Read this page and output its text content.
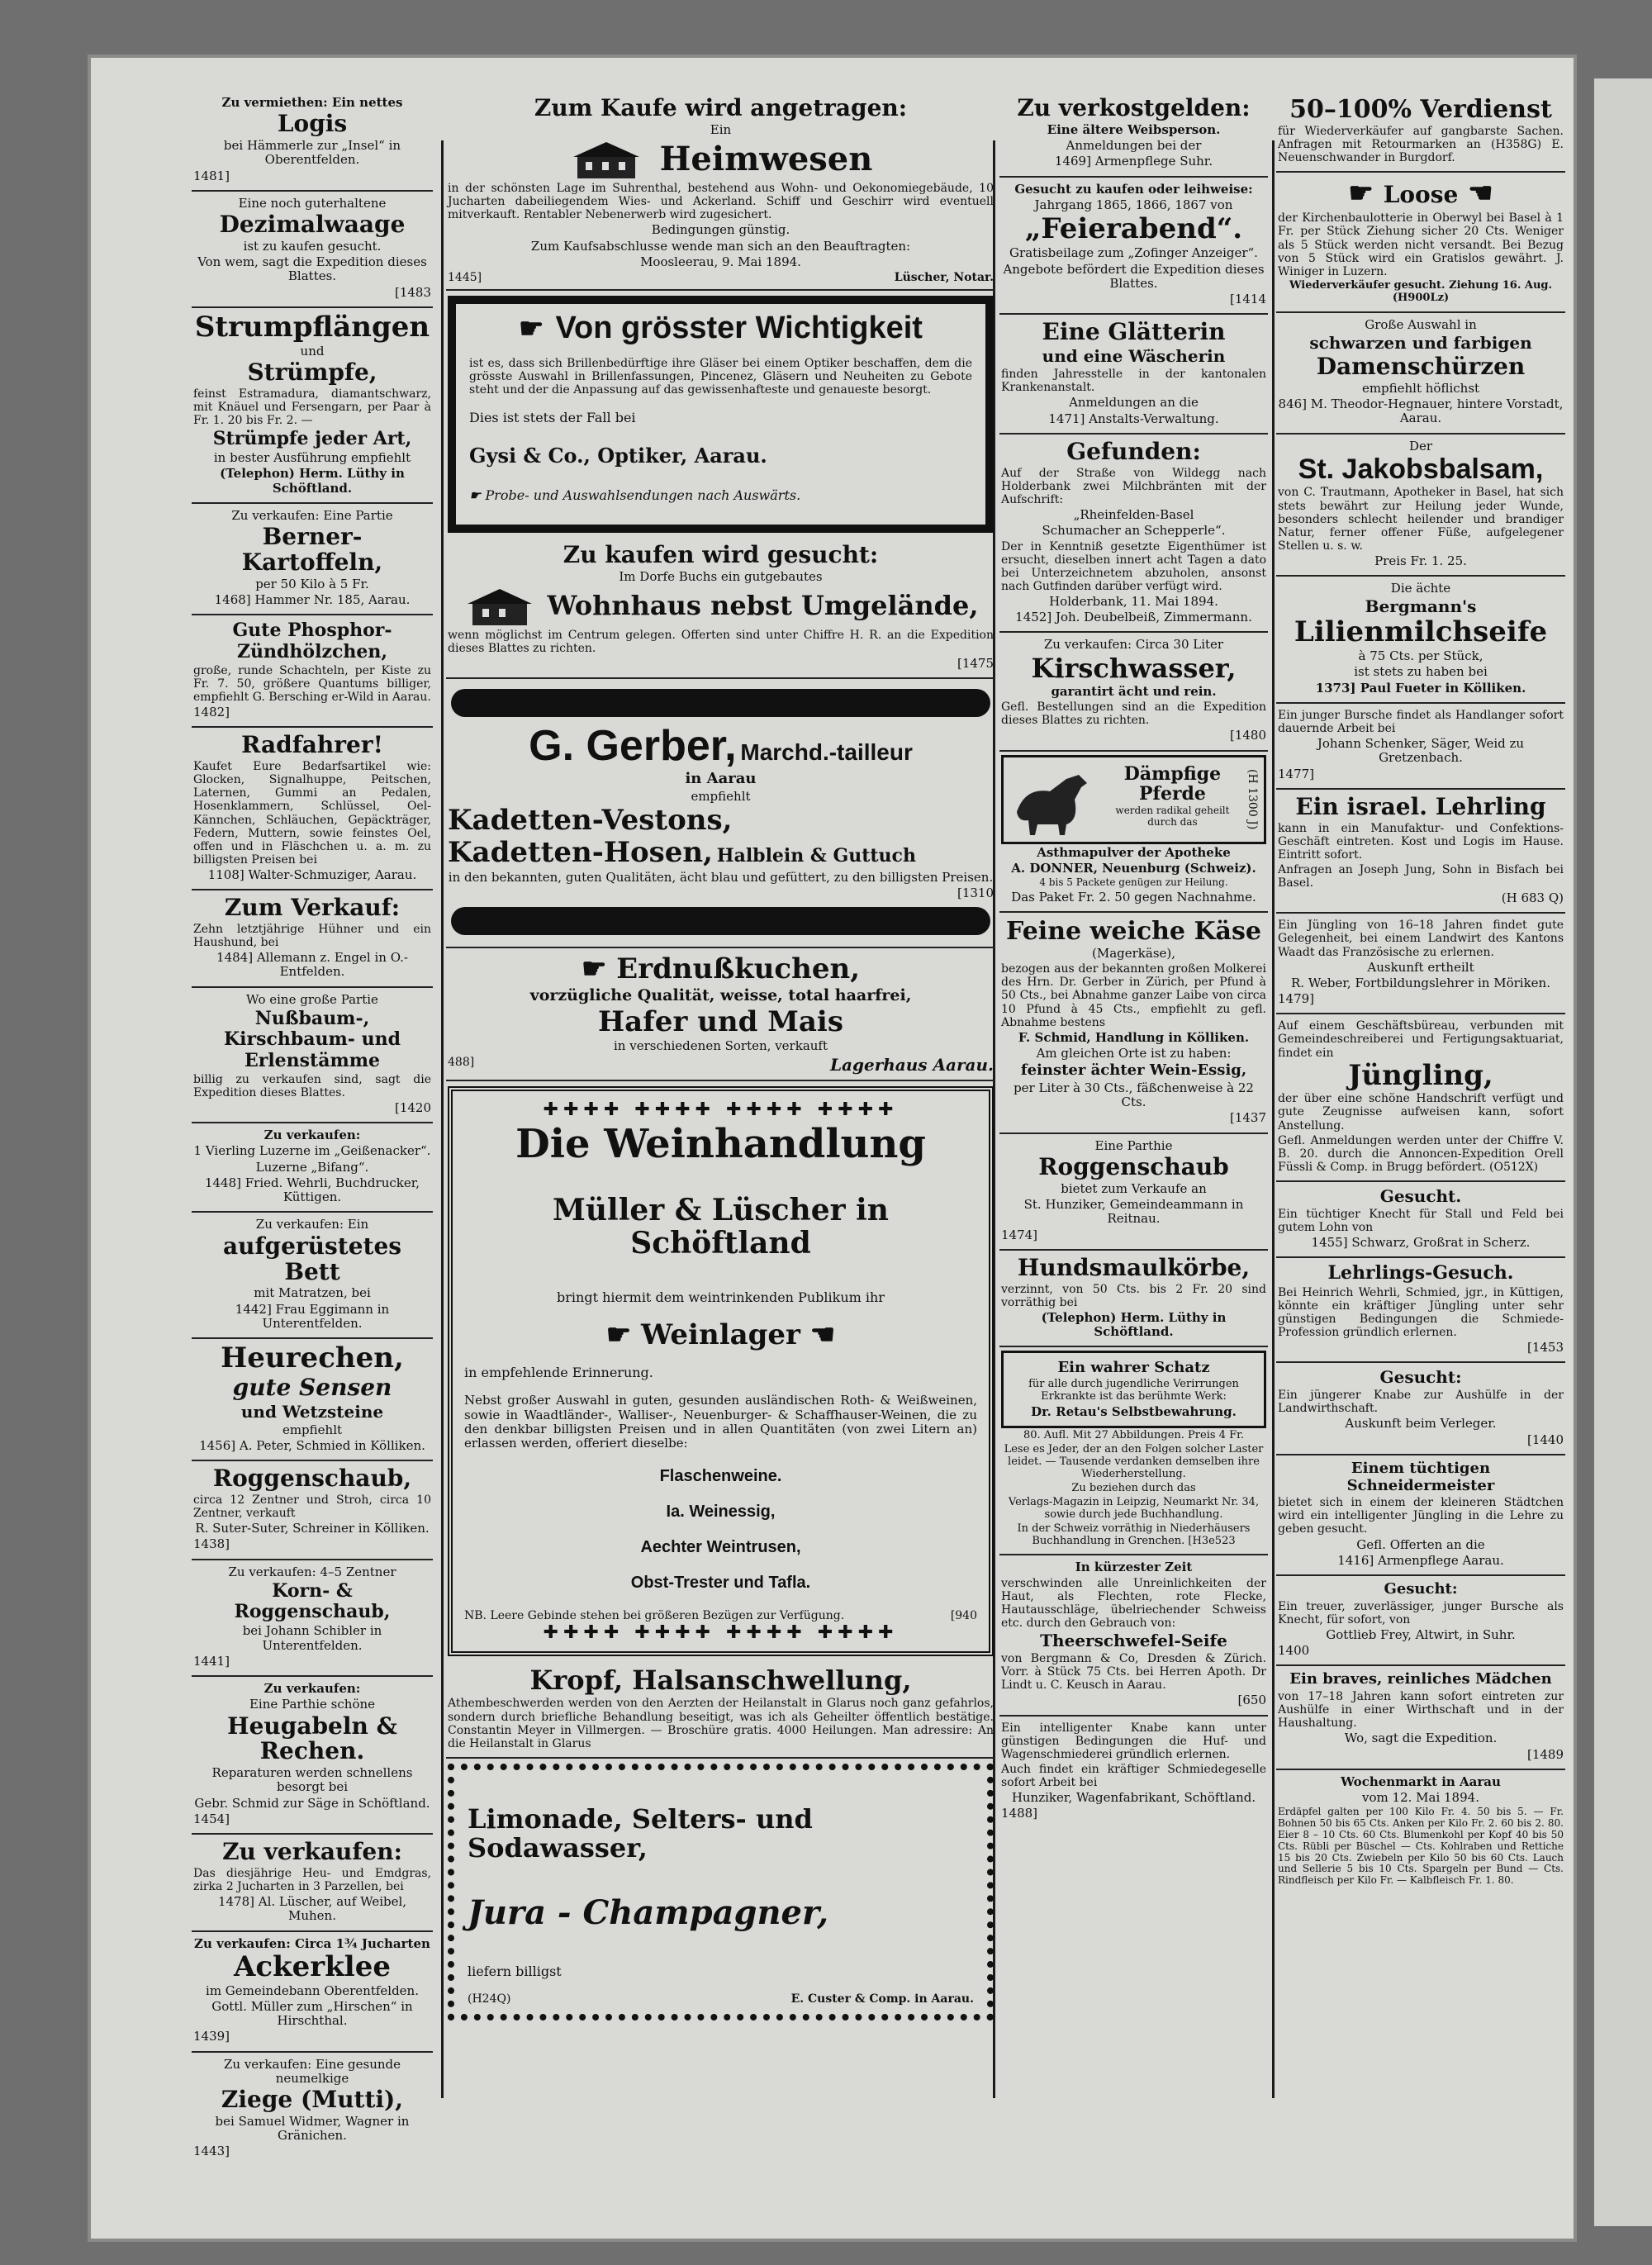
Zu vermiethen: Ein nettes

Logis

bei Hämmerle zur „Insel“ in Oberentfelden.

1481]

Eine noch guterhaltene

Dezimalwaage

ist zu kaufen gesucht.

Von wem, sagt die Expedition dieses Blattes.

[1483

Strumpflängen

und

Strümpfe,

feinst Estramadura, diamantschwarz, mit Knäuel und Fersengarn, per Paar à Fr. 1. 20 bis Fr. 2. —

Strümpfe jeder Art,

in bester Ausführung empfiehlt

(Telephon) Herm. Lüthy in Schöftland.

Zu verkaufen: Eine Partie

Berner-Kartoffeln,

per 50 Kilo à 5 Fr.

1468] Hammer Nr. 185, Aarau.

Gute Phosphor-Zündhölzchen,

große, runde Schachteln, per Kiste zu Fr. 7. 50, größere Quantums billiger, empfiehlt G. Bersching er-Wild in Aarau.

1482]

Radfahrer!

Kaufet Eure Bedarfsartikel wie: Glocken, Signalhuppe, Peitschen, Laternen, Gummi an Pedalen, Hosenklammern, Schlüssel, Oel-Kännchen, Schläuchen, Gepäckträger, Federn, Muttern, sowie feinstes Oel, offen und in Fläschchen u. a. m. zu billigsten Preisen bei

1108] Walter-Schmuziger, Aarau.

Zum Verkauf:

Zehn letztjährige Hühner und ein Haushund, bei

1484] Allemann z. Engel in O.-Entfelden.

Wo eine große Partie

Nußbaum-, Kirschbaum- und Erlenstämme

billig zu verkaufen sind, sagt die Expedition dieses Blattes.

[1420

Zu verkaufen:

1 Vierling Luzerne im „Geißenacker“.

Luzerne „Bifang“.

1448] Fried. Wehrli, Buchdrucker, Küttigen.

Zu verkaufen: Ein

aufgerüstetes Bett

mit Matratzen, bei

1442] Frau Eggimann in Unterentfelden.

Heurechen,

gute Sensen

und Wetzsteine

empfiehlt

1456] A. Peter, Schmied in Kölliken.

Roggenschaub,

circa 12 Zentner und Stroh, circa 10 Zentner, verkauft

R. Suter-Suter, Schreiner in Kölliken.

1438]

Zu verkaufen: 4–5 Zentner

Korn- & Roggenschaub,

bei Johann Schibler in Unterentfelden.

1441]

Zu verkaufen:

Eine Parthie schöne

Heugabeln & Rechen.

Reparaturen werden schnellens besorgt bei

Gebr. Schmid zur Säge in Schöftland.

1454]

Zu verkaufen:

Das diesjährige Heu- und Emdgras, zirka 2 Jucharten in 3 Parzellen, bei

1478] Al. Lüscher, auf Weibel, Muhen.

Zu verkaufen: Circa 1¾ Jucharten

Ackerklee

im Gemeindebann Oberentfelden.

Gottl. Müller zum „Hirschen“ in Hirschthal.

1439]

Zu verkaufen: Eine gesunde neumelkige

Ziege (Mutti),

bei Samuel Widmer, Wagner in Gränichen.

1443]

Zum Kaufe wird angetragen:

Ein

Heimwesen

in der schönsten Lage im Suhrenthal, bestehend aus Wohn- und Oekonomiegebäude, 10 Jucharten dabeiliegendem Wies- und Ackerland. Schiff und Geschirr wird eventuell mitverkauft. Rentabler Nebenerwerb wird zugesichert.

Bedingungen günstig.

Zum Kaufsabschlusse wende man sich an den Beauftragten:

Moosleerau, 9. Mai 1894.

1445]	Lüscher, Notar.
☛ Von grösster Wichtigkeit

ist es, dass sich Brillenbedürftige ihre Gläser bei einem Optiker beschaffen, dem die grösste Auswahl in Brillenfassungen, Pincenez, Gläsern und Neuheiten zu Gebote steht und der die Anpassung auf das gewissenhafteste und genaueste besorgt.

Dies ist stets der Fall bei

Gysi & Co., Optiker, Aarau.

☛ Probe- und Auswahlsendungen nach Auswärts.

Zu kaufen wird gesucht:

Im Dorfe Buchs ein gutgebautes

Wohnhaus nebst Umgelände,

wenn möglichst im Centrum gelegen. Offerten sind unter Chiffre H. R. an die Expedition dieses Blattes zu richten.

[1475

G. Gerber, Marchd.-tailleur

in Aarau

empfiehlt

Kadetten-Vestons,

Kadetten-Hosen, Halblein & Guttuch

in den bekannten, guten Qualitäten, ächt blau und gefüttert, zu den billigsten Preisen.

[1310

☛ Erdnußkuchen,

vorzügliche Qualität, weisse, total haarfrei,

Hafer und Mais

in verschiedenen Sorten, verkauft

488]	Lagerhaus Aarau.
✚✚✚✚ ✚✚✚✚ ✚✚✚✚ ✚✚✚✚

Die Weinhandlung

Müller & Lüscher in Schöftland

bringt hiermit dem weintrinkenden Publikum ihr

☛ Weinlager ☚

in empfehlende Erinnerung.

Nebst großer Auswahl in guten, gesunden ausländischen Roth- & Weißweinen, sowie in Waadtländer-, Walliser-, Neuenburger- & Schaffhauser-Weinen, die zu den denkbar billigsten Preisen und in allen Quantitäten (von zwei Litern an) erlassen werden, offeriert dieselbe:

Flaschenweine.

Ia. Weinessig,

Aechter Weintrusen,

Obst-Trester und Tafla.

NB. Leere Gebinde stehen bei größeren Bezügen zur Verfügung.	[940
✚✚✚✚ ✚✚✚✚ ✚✚✚✚ ✚✚✚✚

Kropf, Halsanschwellung,

Athembeschwerden werden von den Aerzten der Heilanstalt in Glarus noch ganz gefahrlos, sondern durch briefliche Behandlung beseitigt, was ich als Geheilter öffentlich bestätige. Constantin Meyer in Villmergen. — Broschüre gratis. 4000 Heilungen. Man adressire: An die Heilanstalt in Glarus

Limonade, Selters- und Sodawasser,

Jura - Champagner,

liefern billigst

(H24Q)	E. Custer & Comp. in Aarau.

Zu verkostgelden:

Eine ältere Weibsperson.

Anmeldungen bei der

1469] Armenpflege Suhr.

Gesucht zu kaufen oder leihweise:

Jahrgang 1865, 1866, 1867 von

„Feierabend“.

Gratisbeilage zum „Zofinger Anzeiger“.

Angebote befördert die Expedition dieses Blattes.

[1414

Eine Glätterin

und eine Wäscherin

finden Jahresstelle in der kantonalen Krankenanstalt.

Anmeldungen an die

1471] Anstalts-Verwaltung.

Gefunden:

Auf der Straße von Wildegg nach Holderbank zwei Milchbränten mit der Aufschrift:

„Rheinfelden-Basel

Schumacher an Schepperle“.

Der in Kenntniß gesetzte Eigenthümer ist ersucht, dieselben innert acht Tagen a dato bei Unterzeichnetem abzuholen, ansonst nach Gutfinden darüber verfügt wird.

Holderbank, 11. Mai 1894.

1452] Joh. Deubelbeiß, Zimmermann.

Zu verkaufen: Circa 30 Liter

Kirschwasser,

garantirt ächt und rein.

Gefl. Bestellungen sind an die Expedition dieses Blattes zu richten.

[1480

Dämpfige Pferde

werden radikal geheilt durch das	(H 1300 J)

Asthmapulver der Apotheke

A. DONNER, Neuenburg (Schweiz).

4 bis 5 Packete genügen zur Heilung.

Das Paket Fr. 2. 50 gegen Nachnahme.

Feine weiche Käse

(Magerkäse),

bezogen aus der bekannten großen Molkerei des Hrn. Dr. Gerber in Zürich, per Pfund à 50 Cts., bei Abnahme ganzer Laibe von circa 10 Pfund à 45 Cts., empfiehlt zu gefl. Abnahme bestens

F. Schmid, Handlung in Kölliken.

Am gleichen Orte ist zu haben:

feinster ächter Wein-Essig,

per Liter à 30 Cts., fäßchenweise à 22 Cts.

[1437

Eine Parthie

Roggenschaub

bietet zum Verkaufe an

St. Hunziker, Gemeindeammann in Reitnau.

1474]

Hundsmaulkörbe,

verzinnt, von 50 Cts. bis 2 Fr. 20 sind vorräthig bei

(Telephon) Herm. Lüthy in Schöftland.

Ein wahrer Schatz

für alle durch jugendliche Verirrungen Erkrankte ist das berühmte Werk:

Dr. Retau's Selbstbewahrung.

80. Aufl. Mit 27 Abbildungen. Preis 4 Fr.

Lese es Jeder, der an den Folgen solcher Laster leidet. — Tausende verdanken demselben ihre Wiederherstellung.

Zu beziehen durch das

Verlags-Magazin in Leipzig, Neumarkt Nr. 34, sowie durch jede Buchhandlung.

In der Schweiz vorräthig in Niederhäusers Buchhandlung in Grenchen. [H3e523

In kürzester Zeit

verschwinden alle Unreinlichkeiten der Haut, als Flechten, rote Flecke, Hautausschläge, übelriechender Schweiss etc. durch den Gebrauch von:

Theerschwefel-Seife

von Bergmann & Co, Dresden & Zürich. Vorr. à Stück 75 Cts. bei Herren Apoth. Dr Lindt u. C. Keusch in Aarau.

[650

Ein intelligenter Knabe kann unter günstigen Bedingungen die Huf- und Wagenschmiederei gründlich erlernen.

Auch findet ein kräftiger Schmiedegeselle sofort Arbeit bei

Hunziker, Wagenfabrikant, Schöftland.

1488]

50–100% Verdienst

für Wiederverkäufer auf gangbarste Sachen. Anfragen mit Retourmarken an (H358G) E. Neuenschwander in Burgdorf.

☛ Loose ☚

der Kirchenbaulotterie in Oberwyl bei Basel à 1 Fr. per Stück Ziehung sicher 20 Cts. Weniger als 5 Stück werden nicht versandt. Bei Bezug von 5 Stück wird ein Gratislos gewährt. J. Winiger in Luzern.

Wiederverkäufer gesucht. Ziehung 16. Aug. (H900Lz)

Große Auswahl in

schwarzen und farbigen

Damenschürzen

empfiehlt höflichst

846] M. Theodor-Hegnauer, hintere Vorstadt, Aarau.

Der

St. Jakobsbalsam,

von C. Trautmann, Apotheker in Basel, hat sich stets bewährt zur Heilung jeder Wunde, besonders schlecht heilender und brandiger Natur, ferner offener Füße, aufgelegener Stellen u. s. w.

Preis Fr. 1. 25.

Die ächte

Bergmann's

Lilienmilchseife

à 75 Cts. per Stück,

ist stets zu haben bei

1373] Paul Fueter in Kölliken.

Ein junger Bursche findet als Handlanger sofort dauernde Arbeit bei

Johann Schenker, Säger, Weid zu Gretzenbach.

1477]

Ein israel. Lehrling

kann in ein Manufaktur- und Confektions-Geschäft eintreten. Kost und Logis im Hause. Eintritt sofort.

Anfragen an Joseph Jung, Sohn in Bisfach bei Basel.

(H 683 Q)

Ein Jüngling von 16–18 Jahren findet gute Gelegenheit, bei einem Landwirt des Kantons Waadt das Französische zu erlernen.

Auskunft ertheilt

R. Weber, Fortbildungslehrer in Möriken.

1479]

Auf einem Geschäftsbüreau, verbunden mit Gemeindeschreiberei und Fertigungsaktuariat, findet ein

Jüngling,

der über eine schöne Handschrift verfügt und gute Zeugnisse aufweisen kann, sofort Anstellung.

Gefl. Anmeldungen werden unter der Chiffre V. B. 20. durch die Annoncen-Expedition Orell Füssli & Comp. in Brugg befördert. (O512X)

Gesucht.

Ein tüchtiger Knecht für Stall und Feld bei gutem Lohn von

1455] Schwarz, Großrat in Scherz.

Lehrlings-Gesuch.

Bei Heinrich Wehrli, Schmied, jgr., in Küttigen, könnte ein kräftiger Jüngling unter sehr günstigen Bedingungen die Schmiede-Profession gründlich erlernen.

[1453

Gesucht:

Ein jüngerer Knabe zur Aushülfe in der Landwirthschaft.

Auskunft beim Verleger.

[1440

Einem tüchtigen Schneidermeister

bietet sich in einem der kleineren Städtchen wird ein intelligenter Jüngling in die Lehre zu geben gesucht.

Gefl. Offerten an die

1416] Armenpflege Aarau.

Gesucht:

Ein treuer, zuverlässiger, junger Bursche als Knecht, für sofort, von

Gottlieb Frey, Altwirt, in Suhr.

1400

Ein braves, reinliches Mädchen

von 17–18 Jahren kann sofort eintreten zur Aushülfe in einer Wirthschaft und in der Haushaltung.

Wo, sagt die Expedition.

[1489

Wochenmarkt in Aarau

vom 12. Mai 1894.

Erdäpfel galten per 100 Kilo Fr. 4. 50 bis 5. — Fr. Bohnen 50 bis 65 Cts. Anken per Kilo Fr. 2. 60 bis 2. 80. Eier 8 – 10 Cts. 60 Cts. Blumenkohl per Kopf 40 bis 50 Cts. Rübli per Büschel — Cts. Kohlraben und Rettiche 15 bis 20 Cts. Zwiebeln per Kilo 50 bis 60 Cts. Lauch und Sellerie 5 bis 10 Cts. Spargeln per Bund — Cts. Rindfleisch per Kilo Fr. — Kalbfleisch Fr. 1. 80.
